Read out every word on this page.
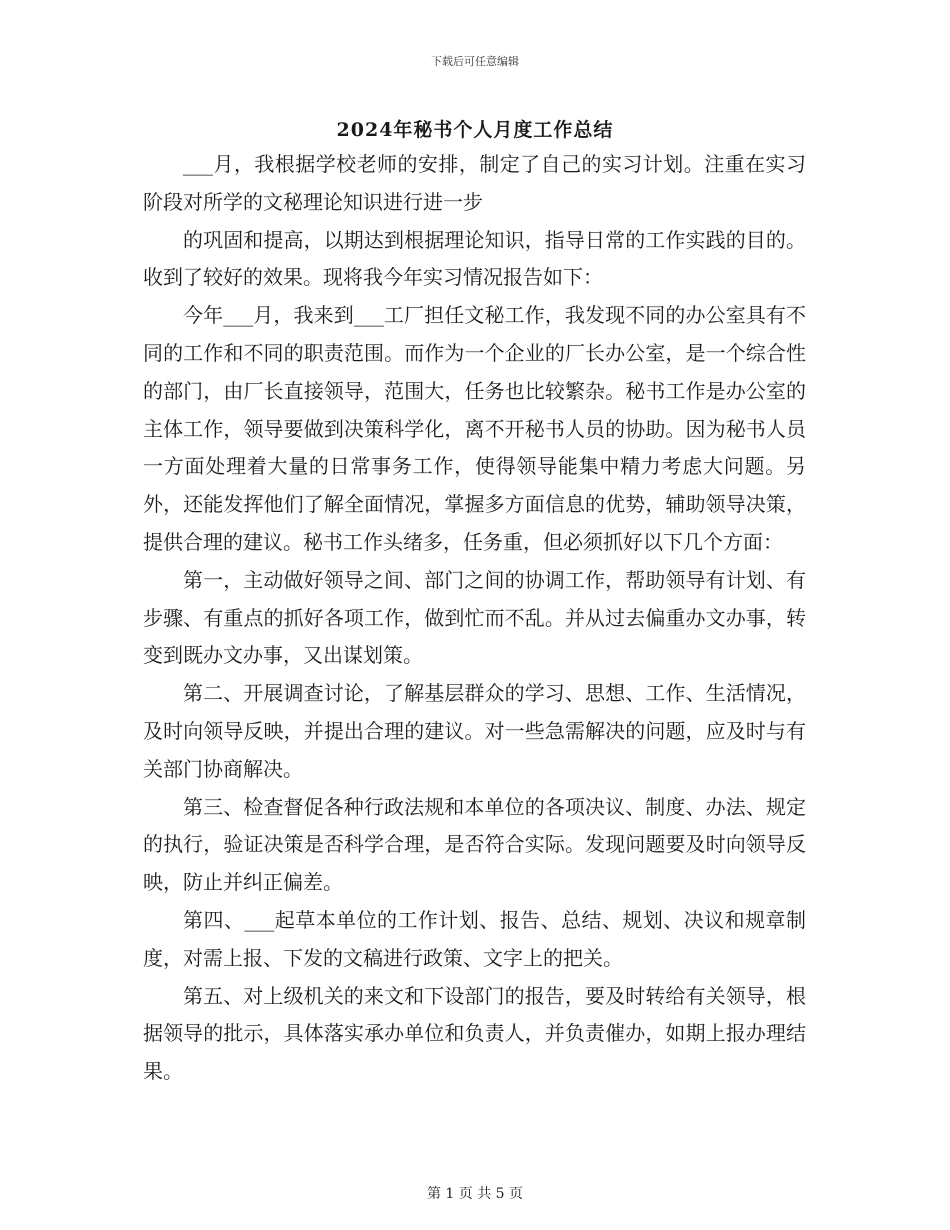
下载后可任意编辑
2024年秘书个人月度工作总结

___月，我根据学校老师的安排，制定了自己的实习计划。注重在实习阶段对所学的文秘理论知识进行进一步

的巩固和提高，以期达到根据理论知识，指导日常的工作实践的目的。收到了较好的效果。现将我今年实习情况报告如下：

今年___月，我来到___工厂担任文秘工作，我发现不同的办公室具有不同的工作和不同的职责范围。而作为一个企业的厂长办公室，是一个综合性的部门，由厂长直接领导，范围大，任务也比较繁杂。秘书工作是办公室的主体工作，领导要做到决策科学化，离不开秘书人员的协助。因为秘书人员一方面处理着大量的日常事务工作，使得领导能集中精力考虑大问题。另外，还能发挥他们了解全面情况，掌握多方面信息的优势，辅助领导决策，提供合理的建议。秘书工作头绪多，任务重，但必须抓好以下几个方面：

第一，主动做好领导之间、部门之间的协调工作，帮助领导有计划、有步骤、有重点的抓好各项工作，做到忙而不乱。并从过去偏重办文办事，转变到既办文办事，又出谋划策。

第二、开展调查讨论，了解基层群众的学习、思想、工作、生活情况，及时向领导反映，并提出合理的建议。对一些急需解决的问题，应及时与有关部门协商解决。

第三、检查督促各种行政法规和本单位的各项决议、制度、办法、规定的执行，验证决策是否科学合理，是否符合实际。发现问题要及时向领导反映，防止并纠正偏差。

第四、___起草本单位的工作计划、报告、总结、规划、决议和规章制度，对需上报、下发的文稿进行政策、文字上的把关。

第五、对上级机关的来文和下设部门的报告，要及时转给有关领导，根据领导的批示，具体落实承办单位和负责人，并负责催办，如期上报办理结果。

第 1 页 共 5 页
